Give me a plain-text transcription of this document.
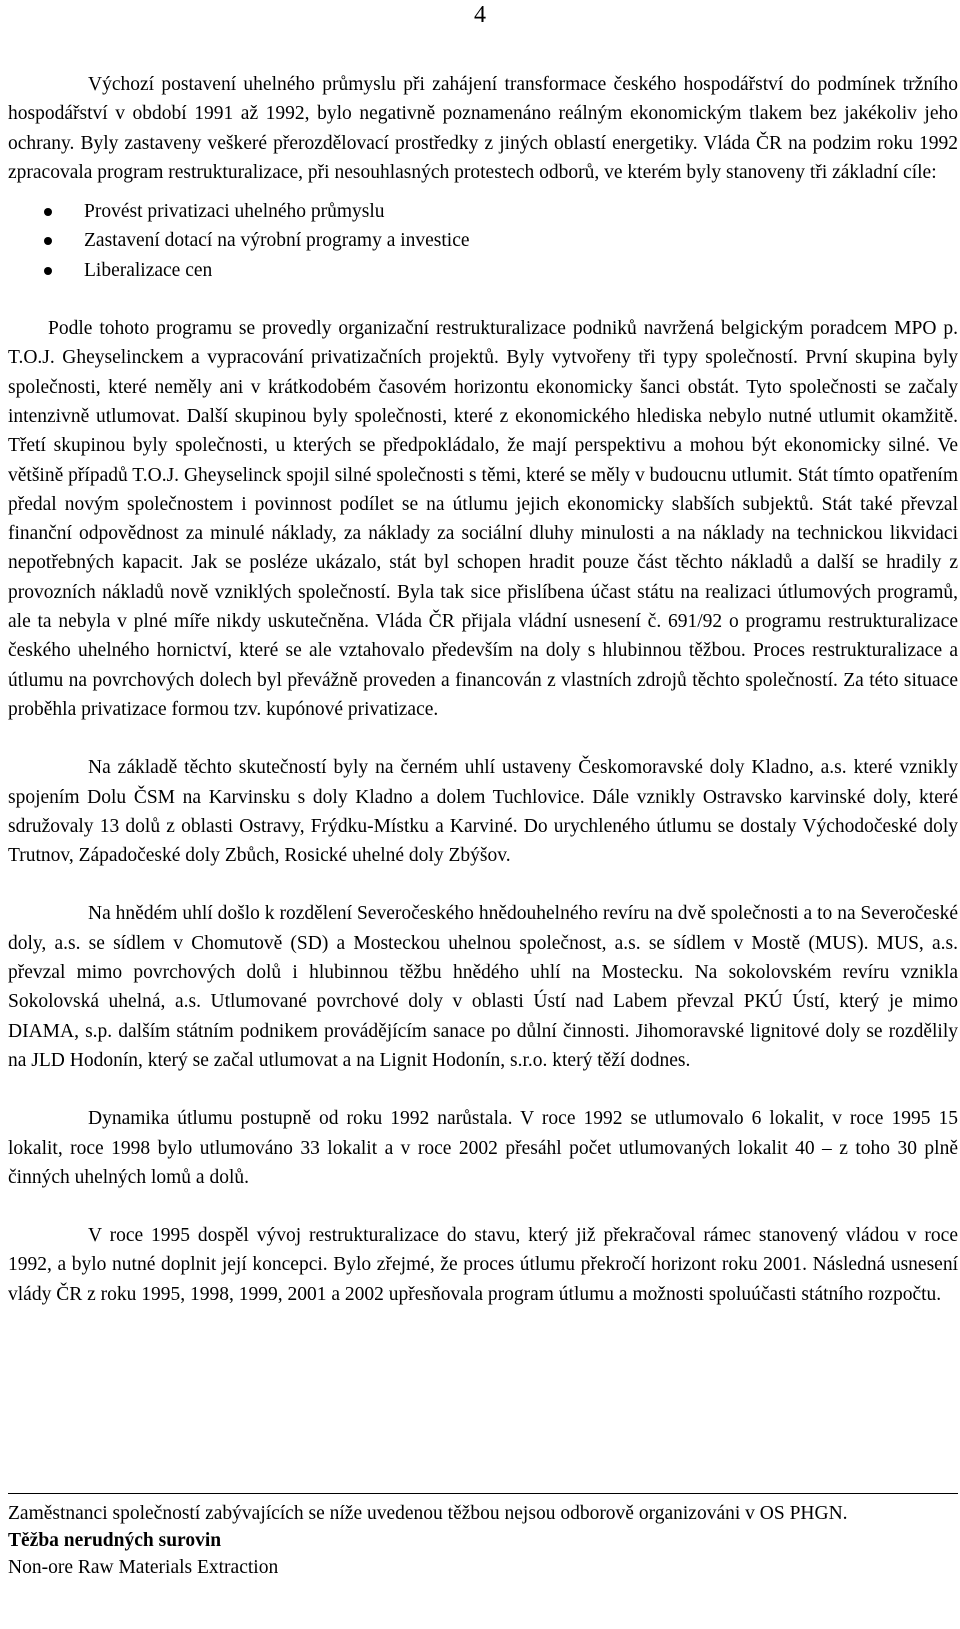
4

Výchozí postavení uhelného průmyslu při zahájení transformace českého hospodářství do podmínek tržního hospodářství v období 1991 až 1992, bylo negativně poznamenáno reálným ekonomickým tlakem bez jakékoliv jeho ochrany. Byly zastaveny veškeré přerozdělovací prostředky z jiných oblastí energetiky. Vláda ČR na podzim roku 1992 zpracovala program restrukturalizace, při nesouhlasných protestech odborů, ve kterém byly stanoveny tři základní cíle:

Provést privatizaci uhelného průmyslu
Zastavení dotací na výrobní programy a investice
Liberalizace cen

Podle tohoto programu se provedly organizační restrukturalizace podniků navržená belgickým poradcem MPO p. T.O.J. Gheyselinckem a vypracování privatizačních projektů. Byly vytvořeny tři typy společností. První skupina byly společnosti, které neměly ani v krátkodobém časovém horizontu ekonomicky šanci obstát. Tyto společnosti se začaly intenzivně utlumovat. Další skupinou byly společnosti, které z ekonomického hlediska nebylo nutné utlumit okamžitě. Třetí skupinou byly společnosti, u kterých se předpokládalo, že mají perspektivu a mohou být ekonomicky silné. Ve většině případů T.O.J. Gheyselinck spojil silné společnosti s těmi, které se měly v budoucnu utlumit. Stát tímto opatřením předal novým společnostem i povinnost podílet se na útlumu jejich ekonomicky slabších subjektů. Stát také převzal finanční odpovědnost za minulé náklady, za náklady za sociální dluhy minulosti a na náklady na technickou likvidaci nepotřebných kapacit. Jak se posléze ukázalo, stát byl schopen hradit pouze část těchto nákladů a další se hradily z provozních nákladů nově vzniklých společností. Byla tak sice přislíbena účast státu na realizaci útlumových programů, ale ta nebyla v plné míře nikdy uskutečněna. Vláda ČR přijala vládní usnesení č. 691/92 o programu restrukturalizace českého uhelného hornictví, které se ale vztahovalo především na doly s hlubinnou těžbou. Proces restrukturalizace a útlumu na povrchových dolech byl převážně proveden a financován z vlastních zdrojů těchto společností. Za této situace proběhla privatizace formou tzv. kupónové privatizace.

Na základě těchto skutečností byly na černém uhlí ustaveny Českomoravské doly Kladno, a.s. které vznikly spojením Dolu ČSM na Karvinsku s doly Kladno a dolem Tuchlovice. Dále vznikly Ostravsko karvinské doly, které sdružovaly 13 dolů z oblasti Ostravy, Frýdku-Místku a Karviné. Do urychleného útlumu se dostaly Východočeské doly Trutnov, Západočeské doly Zbůch, Rosické uhelné doly Zbýšov.

Na hnědém uhlí došlo k rozdělení Severočeského hnědouhelného revíru na dvě společnosti a to na Severočeské doly, a.s. se sídlem v Chomutově (SD) a Mosteckou uhelnou společnost, a.s. se sídlem v Mostě (MUS). MUS, a.s. převzal mimo povrchových dolů i hlubinnou těžbu hnědého uhlí na Mostecku. Na sokolovském revíru vznikla Sokolovská uhelná, a.s. Utlumované povrchové doly v oblasti Ústí nad Labem převzal PKÚ Ústí, který je mimo DIAMA, s.p. dalším státním podnikem provádějícím sanace po důlní činnosti. Jihomoravské lignitové doly se rozdělily na JLD Hodonín, který se začal utlumovat a na Lignit Hodonín, s.r.o. který těží dodnes.

Dynamika útlumu postupně od roku 1992 narůstala. V roce 1992 se utlumovalo 6 lokalit, v roce 1995 15 lokalit, roce 1998 bylo utlumováno 33 lokalit a v roce 2002 přesáhl počet utlumovaných lokalit 40 – z toho 30 plně činných uhelných lomů a dolů.

V roce 1995 dospěl vývoj restrukturalizace do stavu, který již překračoval rámec stanovený vládou v roce 1992, a bylo nutné doplnit její koncepci. Bylo zřejmé, že proces útlumu překročí horizont roku 2001. Následná usnesení vlády ČR z roku 1995, 1998, 1999, 2001 a 2002 upřesňovala program útlumu a možnosti spoluúčasti státního rozpočtu.

Zaměstnanci společností zabývajících se níže uvedenou těžbou nejsou odborově organizováni v OS PHGN.

Těžba nerudných surovin

Non-ore Raw Materials Extraction
